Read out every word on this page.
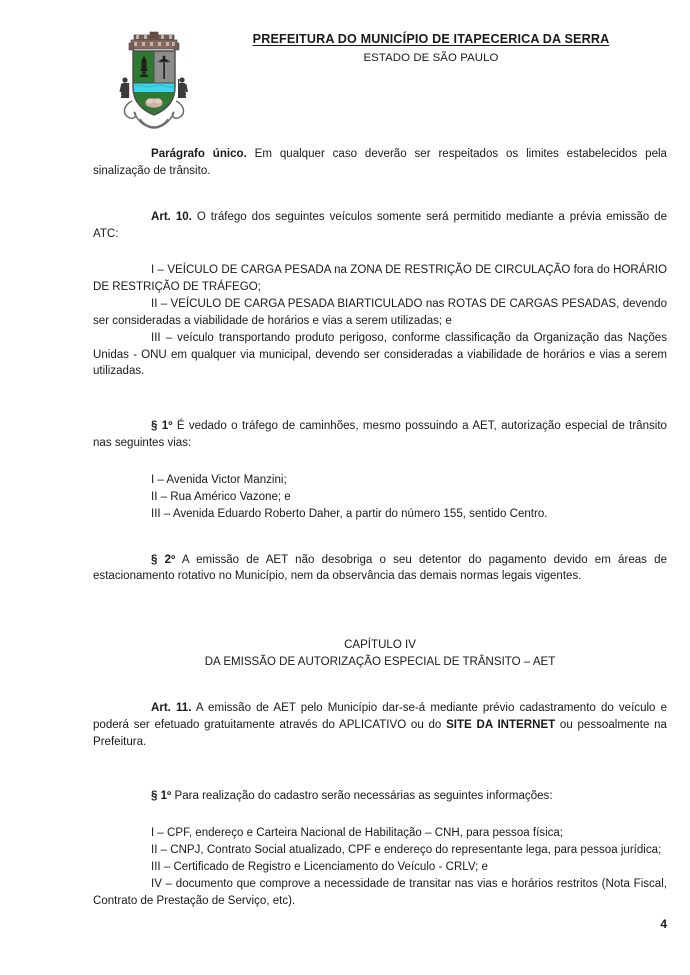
PREFEITURA DO MUNICÍPIO DE ITAPECERICA DA SERRA
ESTADO DE SÃO PAULO

Parágrafo único. Em qualquer caso deverão ser respeitados os limites estabelecidos pela sinalização de trânsito.

Art. 10. O tráfego dos seguintes veículos somente será permitido mediante a prévia emissão de ATC:

I – VEÍCULO DE CARGA PESADA na ZONA DE RESTRIÇÃO DE CIRCULAÇÃO fora do HORÁRIO DE RESTRIÇÃO DE TRÁFEGO;

II – VEÍCULO DE CARGA PESADA BIARTICULADO nas ROTAS DE CARGAS PESADAS, devendo ser consideradas a viabilidade de horários e vias a serem utilizadas; e

III – veículo transportando produto perigoso, conforme classificação da Organização das Nações Unidas - ONU em qualquer via municipal, devendo ser consideradas a viabilidade de horários e vias a serem utilizadas.

§ 1º É vedado o tráfego de caminhões, mesmo possuindo a AET, autorização especial de trânsito nas seguintes vias:

I – Avenida Victor Manzini;

II – Rua Américo Vazone; e

III – Avenida Eduardo Roberto Daher, a partir do número 155, sentido Centro.

§ 2º A emissão de AET não desobriga o seu detentor do pagamento devido em áreas de estacionamento rotativo no Município, nem da observância das demais normas legais vigentes.

CAPÍTULO IV

DA EMISSÃO DE AUTORIZAÇÃO ESPECIAL DE TRÂNSITO – AET

Art. 11. A emissão de AET pelo Município dar-se-á mediante prévio cadastramento do veículo e poderá ser efetuado gratuitamente através do APLICATIVO ou do SITE DA INTERNET ou pessoalmente na Prefeitura.

§ 1º Para realização do cadastro serão necessárias as seguintes informações:

I – CPF, endereço e Carteira Nacional de Habilitação – CNH, para pessoa física;

II – CNPJ, Contrato Social atualizado, CPF e endereço do representante lega, para pessoa jurídica;

III – Certificado de Registro e Licenciamento do Veículo - CRLV; e

IV – documento que comprove a necessidade de transitar nas vias e horários restritos (Nota Fiscal, Contrato de Prestação de Serviço, etc).

4
